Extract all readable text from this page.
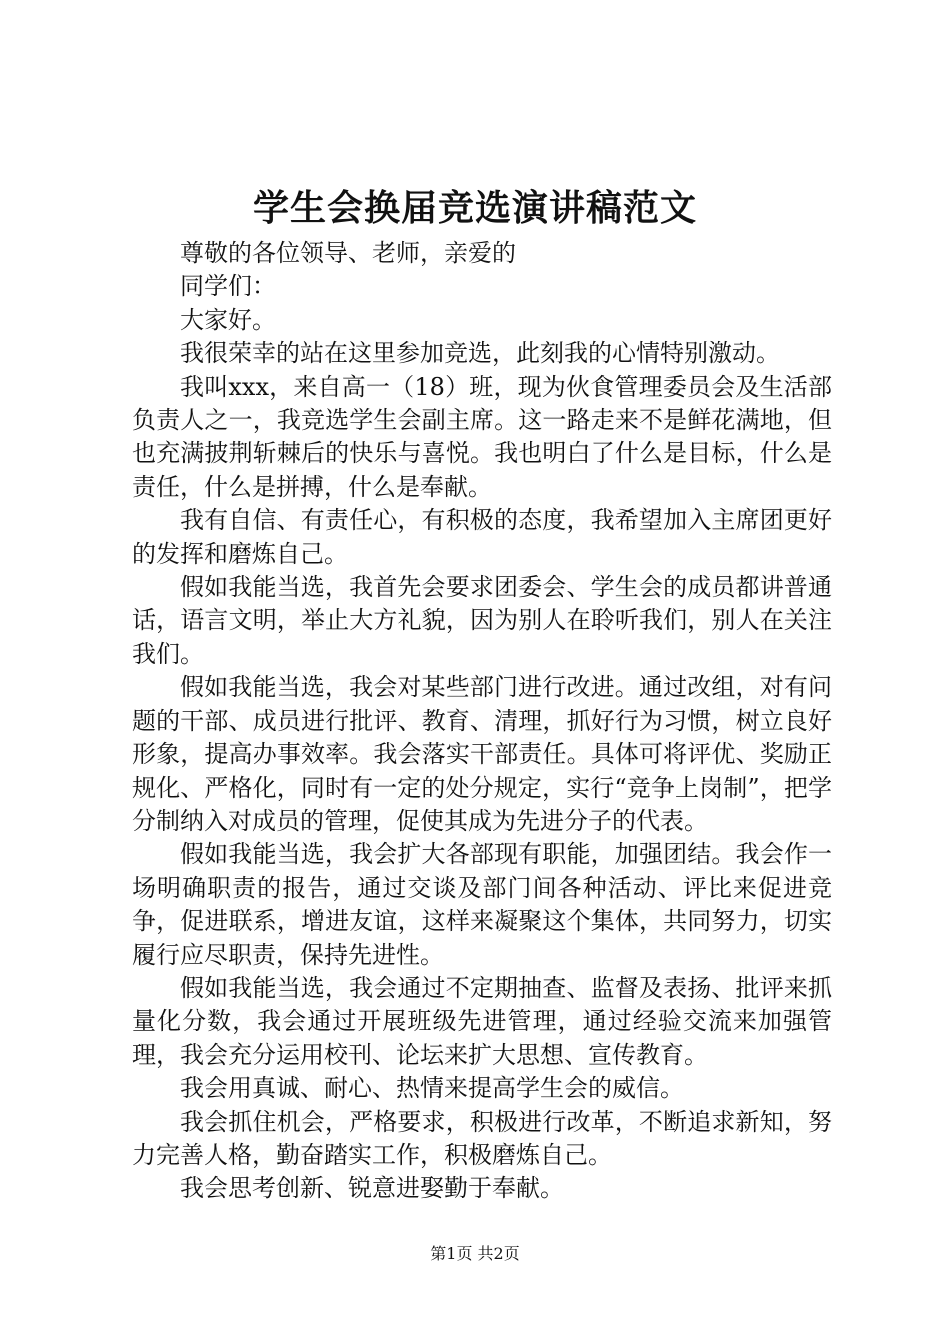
学生会换届竞选演讲稿范文

尊敬的各位领导、老师，亲爱的

同学们：

大家好。

我很荣幸的站在这里参加竞选，此刻我的心情特别激动。

我叫xxx，来自高一（18）班，现为伙食管理委员会及生活部负责人之一，我竞选学生会副主席。这一路走来不是鲜花满地，但也充满披荆斩棘后的快乐与喜悦。我也明白了什么是目标，什么是责任，什么是拼搏，什么是奉献。

我有自信、有责任心，有积极的态度，我希望加入主席团更好的发挥和磨炼自己。

假如我能当选，我首先会要求团委会、学生会的成员都讲普通话，语言文明，举止大方礼貌，因为别人在聆听我们，别人在关注我们。

假如我能当选，我会对某些部门进行改进。通过改组，对有问题的干部、成员进行批评、教育、清理，抓好行为习惯，树立良好形象，提高办事效率。我会落实干部责任。具体可将评优、奖励正规化、严格化，同时有一定的处分规定，实行“竞争上岗制”，把学分制纳入对成员的管理，促使其成为先进分子的代表。

假如我能当选，我会扩大各部现有职能，加强团结。我会作一场明确职责的报告，通过交谈及部门间各种活动、评比来促进竞争，促进联系，增进友谊，这样来凝聚这个集体，共同努力，切实履行应尽职责，保持先进性。

假如我能当选，我会通过不定期抽查、监督及表扬、批评来抓量化分数，我会通过开展班级先进管理，通过经验交流来加强管理，我会充分运用校刊、论坛来扩大思想、宣传教育。

我会用真诚、耐心、热情来提高学生会的威信。

我会抓住机会，严格要求，积极进行改革，不断追求新知，努力完善人格，勤奋踏实工作，积极磨炼自己。

我会思考创新、锐意进娶勤于奉献。

第1页 共2页
